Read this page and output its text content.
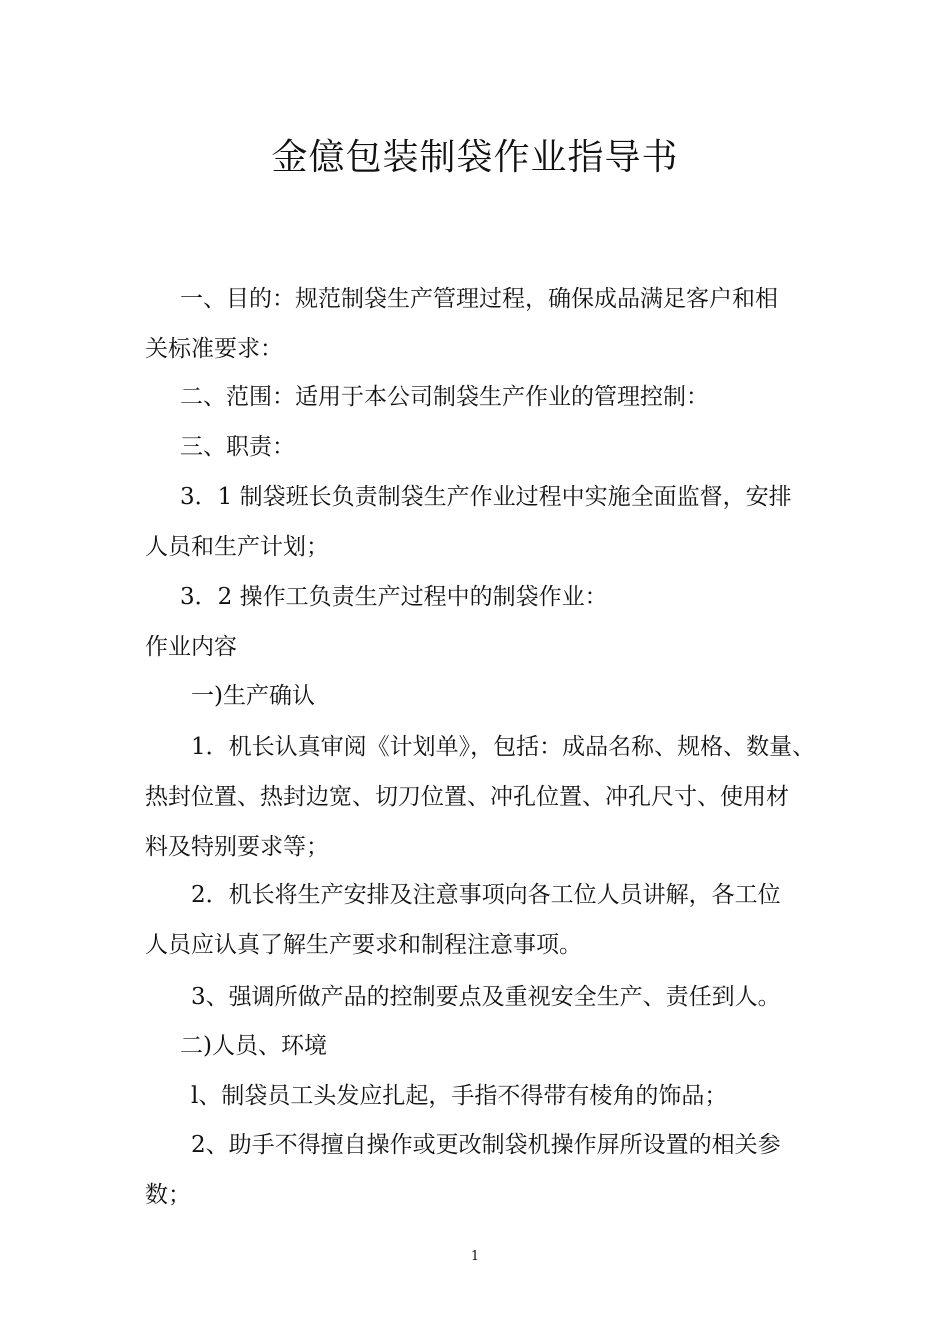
金億包装制袋作业指导书
一、目的：规范制袋生产管理过程，确保成品满足客户和相
关标准要求：
二、范围：适用于本公司制袋生产作业的管理控制：
三、职责：
3．1 制袋班长负责制袋生产作业过程中实施全面监督，安排
人员和生产计划；
3．2 操作工负责生产过程中的制袋作业：
作业内容
一)生产确认
1．机长认真审阅《计划单》，包括：成品名称、规格、数量、
热封位置、热封边宽、切刀位置、冲孔位置、冲孔尺寸、使用材
料及特别要求等；
2．机长将生产安排及注意事项向各工位人员讲解，各工位
人员应认真了解生产要求和制程注意事项。
3、强调所做产品的控制要点及重视安全生产、责任到人。
二)人员、环境
l、制袋员工头发应扎起，手指不得带有棱角的饰品；
2、助手不得擅自操作或更改制袋机操作屏所设置的相关参
数；
1
